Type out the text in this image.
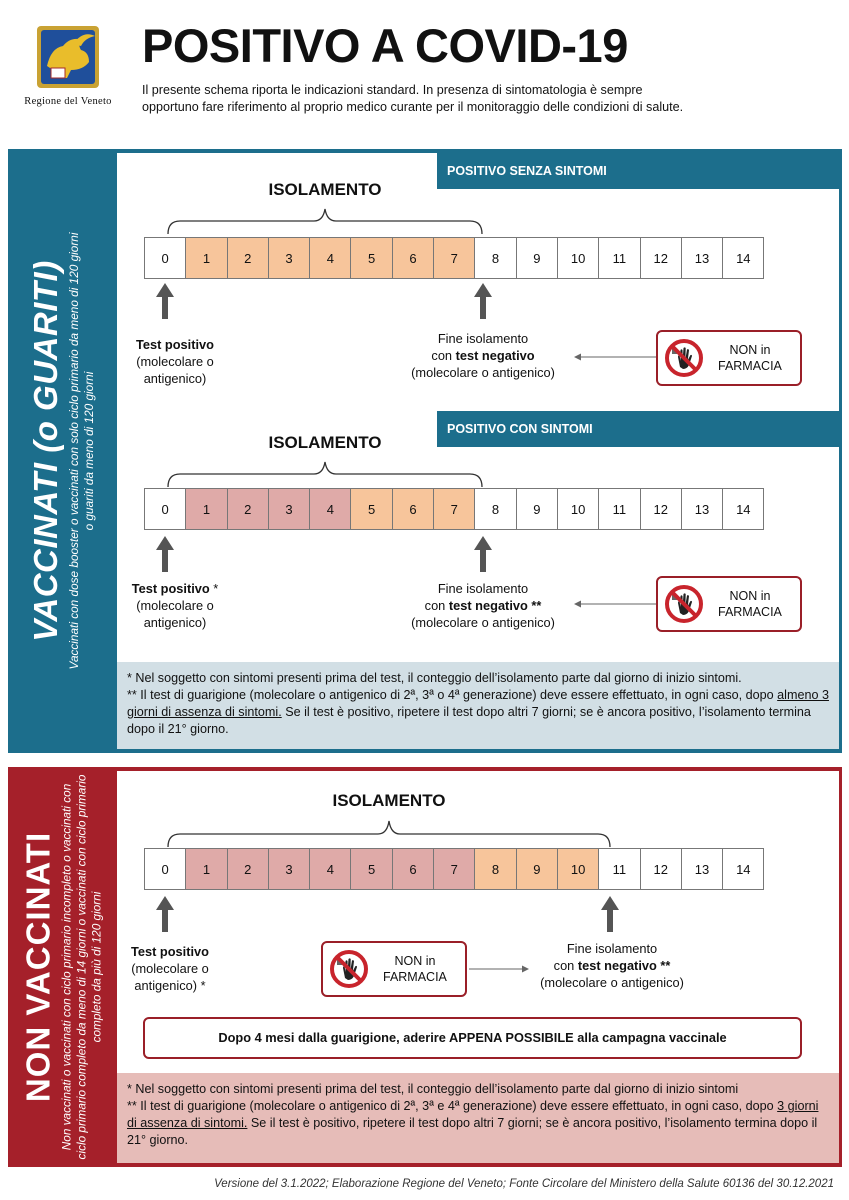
Regione del Veneto
POSITIVO A COVID-19
Il presente schema riporta le indicazioni standard. In presenza di sintomatologia è sempre opportuno fare riferimento al proprio medico curante per il monitoraggio delle condizioni di salute.
VACCINATI (o GUARITI) Vaccinati con dose booster o vaccinati con solo ciclo primario da meno di 120 giorni o guariti da meno di 120 giorni
POSITIVO SENZA SINTOMI
ISOLAMENTO
0	1	2	3	4	5	6	7	8	9	10	11	12	13	14
Test positivo
(molecolare o
antigenico)
Fine isolamento
con test negativo
(molecolare o antigenico)
NON in
FARMACIA
POSITIVO CON SINTOMI
ISOLAMENTO
0	1	2	3	4	5	6	7	8	9	10	11	12	13	14
Test positivo *
(molecolare o
antigenico)
Fine isolamento
con test negativo **
(molecolare o antigenico)
NON in
FARMACIA
* Nel soggetto con sintomi presenti prima del test, il conteggio dell’isolamento parte dal giorno di inizio sintomi.
** Il test di guarigione (molecolare o antigenico di 2ª, 3ª o 4ª generazione) deve essere effettuato, in ogni caso, dopo almeno 3 giorni di assenza di sintomi. Se il test è positivo, ripetere il test dopo altri 7 giorni; se è ancora positivo, l’isolamento termina dopo il 21° giorno.
NON VACCINATI Non vaccinati o vaccinati con ciclo primario incompleto o vaccinati con ciclo primario completo da meno di 14 giorni o vaccinati con ciclo primario completo da più di 120 giorni
ISOLAMENTO
0	1	2	3	4	5	6	7	8	9	10	11	12	13	14
Test positivo
(molecolare o
antigenico) *
NON in
FARMACIA
Fine isolamento
con test negativo **
(molecolare o antigenico)
Dopo 4 mesi dalla guarigione, aderire APPENA POSSIBILE alla campagna vaccinale
* Nel soggetto con sintomi presenti prima del test, il conteggio dell’isolamento parte dal giorno di inizio sintomi
** Il test di guarigione (molecolare o antigenico di 2ª, 3ª e 4ª generazione) deve essere effettuato, in ogni caso, dopo 3 giorni di assenza di sintomi. Se il test è positivo, ripetere il test dopo altri 7 giorni; se è ancora positivo, l’isolamento termina dopo il 21° giorno.
Versione del 3.1.2022; Elaborazione Regione del Veneto; Fonte Circolare del Ministero della Salute 60136 del 30.12.2021
